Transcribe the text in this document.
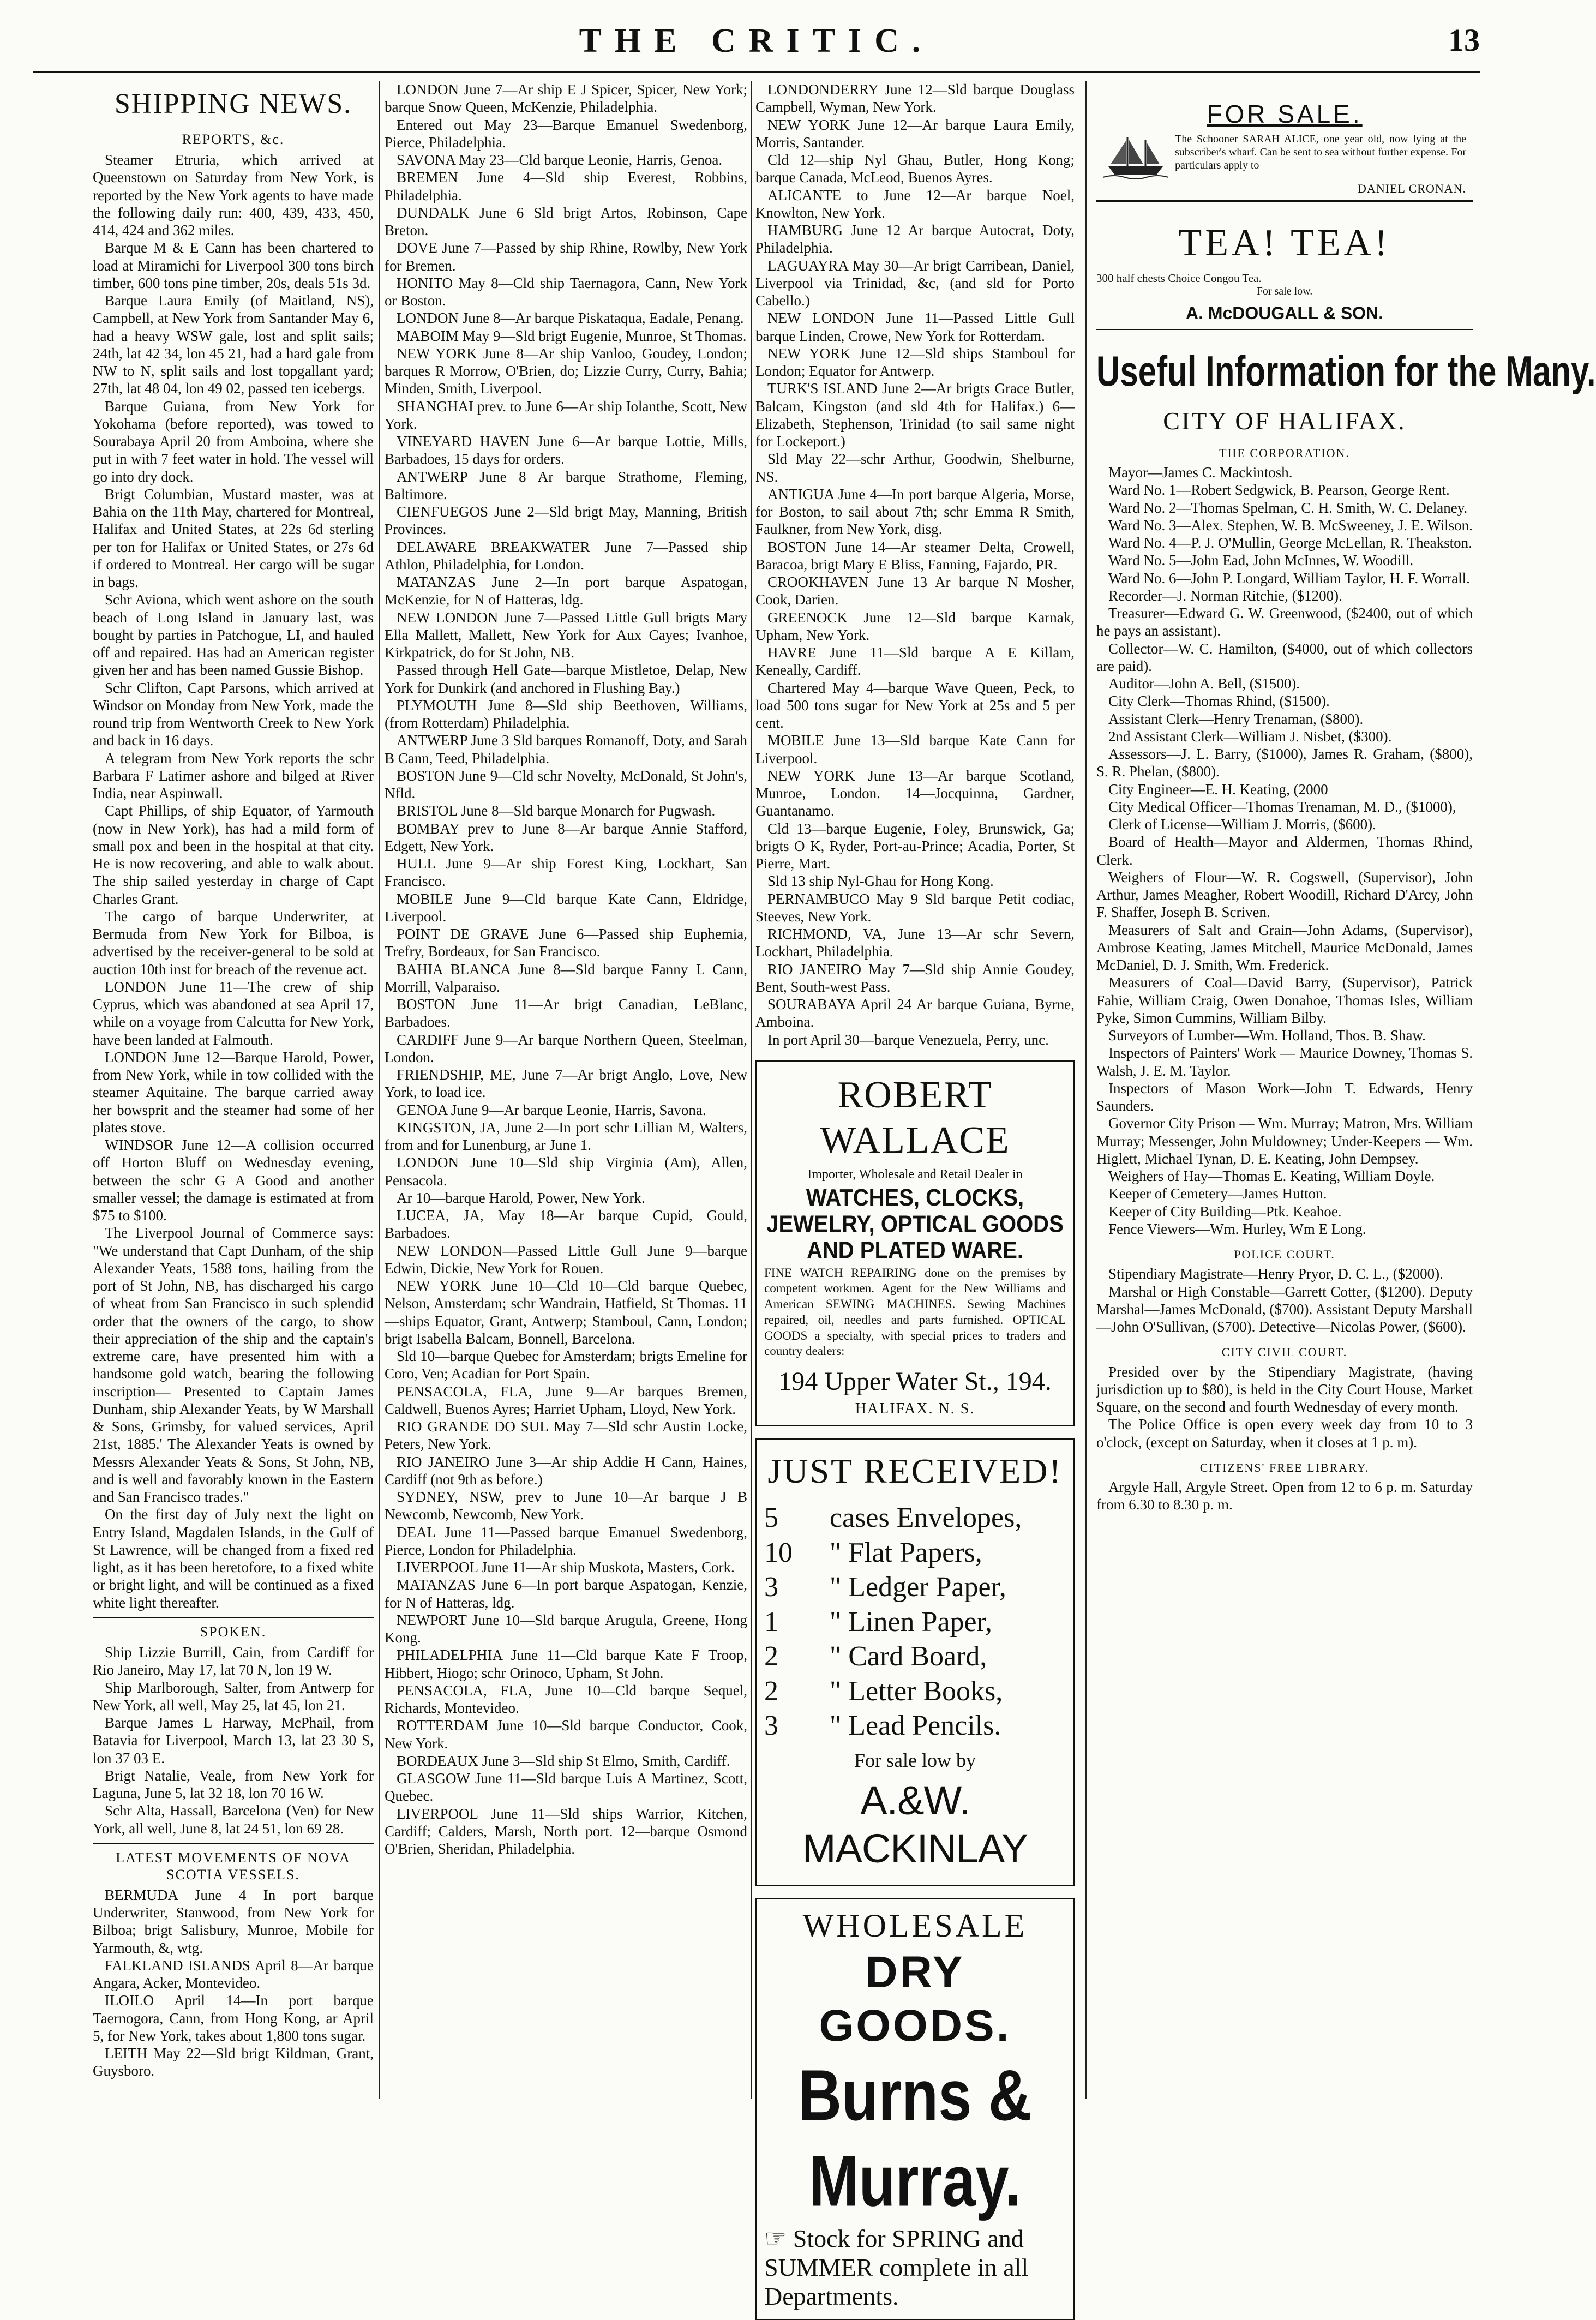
THE CRITIC.	13
SHIPPING NEWS.
REPORTS, &c.

Steamer Etruria, which arrived at Queenstown on Saturday from New York, is reported by the New York agents to have made the following daily run: 400, 439, 433, 450, 414, 424 and 362 miles.

Barque M & E Cann has been chartered to load at Miramichi for Liverpool 300 tons birch timber, 600 tons pine timber, 20s, deals 51s 3d.

Barque Laura Emily (of Maitland, NS), Campbell, at New York from Santander May 6, had a heavy WSW gale, lost and split sails; 24th, lat 42 34, lon 45 21, had a hard gale from NW to N, split sails and lost topgallant yard; 27th, lat 48 04, lon 49 02, passed ten icebergs.

Barque Guiana, from New York for Yokohama (before reported), was towed to Sourabaya April 20 from Amboina, where she put in with 7 feet water in hold. The vessel will go into dry dock.

Brigt Columbian, Mustard master, was at Bahia on the 11th May, chartered for Montreal, Halifax and United States, at 22s 6d sterling per ton for Halifax or United States, or 27s 6d if ordered to Montreal. Her cargo will be sugar in bags.

Schr Aviona, which went ashore on the south beach of Long Island in January last, was bought by parties in Patchogue, LI, and hauled off and repaired. Has had an American register given her and has been named Gussie Bishop.

Schr Clifton, Capt Parsons, which arrived at Windsor on Monday from New York, made the round trip from Wentworth Creek to New York and back in 16 days.

A telegram from New York reports the schr Barbara F Latimer ashore and bilged at River India, near Aspinwall.

Capt Phillips, of ship Equator, of Yarmouth (now in New York), has had a mild form of small pox and been in the hospital at that city. He is now recovering, and able to walk about. The ship sailed yesterday in charge of Capt Charles Grant.

The cargo of barque Underwriter, at Bermuda from New York for Bilboa, is advertised by the receiver-general to be sold at auction 10th inst for breach of the revenue act.

LONDON June 11—The crew of ship Cyprus, which was abandoned at sea April 17, while on a voyage from Calcutta for New York, have been landed at Falmouth.

LONDON June 12—Barque Harold, Power, from New York, while in tow collided with the steamer Aquitaine. The barque carried away her bowsprit and the steamer had some of her plates stove.

WINDSOR June 12—A collision occurred off Horton Bluff on Wednesday evening, between the schr G A Good and another smaller vessel; the damage is estimated at from $75 to $100.

The Liverpool Journal of Commerce says: "We understand that Capt Dunham, of the ship Alexander Yeats, 1588 tons, hailing from the port of St John, NB, has discharged his cargo of wheat from San Francisco in such splendid order that the owners of the cargo, to show their appreciation of the ship and the captain's extreme care, have presented him with a handsome gold watch, bearing the following inscription— Presented to Captain James Dunham, ship Alexander Yeats, by W Marshall & Sons, Grimsby, for valued services, April 21st, 1885.' The Alexander Yeats is owned by Messrs Alexander Yeats & Sons, St John, NB, and is well and favorably known in the Eastern and San Francisco trades."

On the first day of July next the light on Entry Island, Magdalen Islands, in the Gulf of St Lawrence, will be changed from a fixed red light, as it has been heretofore, to a fixed white or bright light, and will be continued as a fixed white light thereafter.

SPOKEN.

Ship Lizzie Burrill, Cain, from Cardiff for Rio Janeiro, May 17, lat 70 N, lon 19 W.

Ship Marlborough, Salter, from Antwerp for New York, all well, May 25, lat 45, lon 21.

Barque James L Harway, McPhail, from Batavia for Liverpool, March 13, lat 23 30 S, lon 37 03 E.

Brigt Natalie, Veale, from New York for Laguna, June 5, lat 32 18, lon 70 16 W.

Schr Alta, Hassall, Barcelona (Ven) for New York, all well, June 8, lat 24 51, lon 69 28.

LATEST MOVEMENTS OF NOVA SCOTIA VESSELS.

BERMUDA June 4 In port barque Underwriter, Stanwood, from New York for Bilboa; brigt Salisbury, Munroe, Mobile for Yarmouth, &, wtg.

FALKLAND ISLANDS April 8—Ar barque Angara, Acker, Montevideo.

ILOILO April 14—In port barque Taernogora, Cann, from Hong Kong, ar April 5, for New York, takes about 1,800 tons sugar.

LEITH May 22—Sld brigt Kildman, Grant, Guysboro.

LONDON June 7—Ar ship E J Spicer, Spicer, New York; barque Snow Queen, McKenzie, Philadelphia.

Entered out May 23—Barque Emanuel Swedenborg, Pierce, Philadelphia.

SAVONA May 23—Cld barque Leonie, Harris, Genoa.

BREMEN June 4—Sld ship Everest, Robbins, Philadelphia.

DUNDALK June 6 Sld brigt Artos, Robinson, Cape Breton.

DOVE June 7—Passed by ship Rhine, Rowlby, New York for Bremen.

HONITO May 8—Cld ship Taernagora, Cann, New York or Boston.

LONDON June 8—Ar barque Piskataqua, Eadale, Penang.

MABOIM May 9—Sld brigt Eugenie, Munroe, St Thomas.

NEW YORK June 8—Ar ship Vanloo, Goudey, London; barques R Morrow, O'Brien, do; Lizzie Curry, Curry, Bahia; Minden, Smith, Liverpool.

SHANGHAI prev. to June 6—Ar ship Iolanthe, Scott, New York.

VINEYARD HAVEN June 6—Ar barque Lottie, Mills, Barbadoes, 15 days for orders.

ANTWERP June 8 Ar barque Strathome, Fleming, Baltimore.

CIENFUEGOS June 2—Sld brigt May, Manning, British Provinces.

DELAWARE BREAKWATER June 7—Passed ship Athlon, Philadelphia, for London.

MATANZAS June 2—In port barque Aspatogan, McKenzie, for N of Hatteras, ldg.

NEW LONDON June 7—Passed Little Gull brigts Mary Ella Mallett, Mallett, New York for Aux Cayes; Ivanhoe, Kirkpatrick, do for St John, NB.

Passed through Hell Gate—barque Mistletoe, Delap, New York for Dunkirk (and anchored in Flushing Bay.)

PLYMOUTH June 8—Sld ship Beethoven, Williams, (from Rotterdam) Philadelphia.

ANTWERP June 3 Sld barques Romanoff, Doty, and Sarah B Cann, Teed, Philadelphia.

BOSTON June 9—Cld schr Novelty, McDonald, St John's, Nfld.

BRISTOL June 8—Sld barque Monarch for Pugwash.

BOMBAY prev to June 8—Ar barque Annie Stafford, Edgett, New York.

HULL June 9—Ar ship Forest King, Lockhart, San Francisco.

MOBILE June 9—Cld barque Kate Cann, Eldridge, Liverpool.

POINT DE GRAVE June 6—Passed ship Euphemia, Trefry, Bordeaux, for San Francisco.

BAHIA BLANCA June 8—Sld barque Fanny L Cann, Morrill, Valparaiso.

BOSTON June 11—Ar brigt Canadian, LeBlanc, Barbadoes.

CARDIFF June 9—Ar barque Northern Queen, Steelman, London.

FRIENDSHIP, ME, June 7—Ar brigt Anglo, Love, New York, to load ice.

GENOA June 9—Ar barque Leonie, Harris, Savona.

KINGSTON, JA, June 2—In port schr Lillian M, Walters, from and for Lunenburg, ar June 1.

LONDON June 10—Sld ship Virginia (Am), Allen, Pensacola.

Ar 10—barque Harold, Power, New York.

LUCEA, JA, May 18—Ar barque Cupid, Gould, Barbadoes.

NEW LONDON—Passed Little Gull June 9—barque Edwin, Dickie, New York for Rouen.

NEW YORK June 10—Cld 10—Cld barque Quebec, Nelson, Amsterdam; schr Wandrain, Hatfield, St Thomas. 11—ships Equator, Grant, Antwerp; Stamboul, Cann, London; brigt Isabella Balcam, Bonnell, Barcelona.

Sld 10—barque Quebec for Amsterdam; brigts Emeline for Coro, Ven; Acadian for Port Spain.

PENSACOLA, FLA, June 9—Ar barques Bremen, Caldwell, Buenos Ayres; Harriet Upham, Lloyd, New York.

RIO GRANDE DO SUL May 7—Sld schr Austin Locke, Peters, New York.

RIO JANEIRO June 3—Ar ship Addie H Cann, Haines, Cardiff (not 9th as before.)

SYDNEY, NSW, prev to June 10—Ar barque J B Newcomb, Newcomb, New York.

DEAL June 11—Passed barque Emanuel Swedenborg, Pierce, London for Philadelphia.

LIVERPOOL June 11—Ar ship Muskota, Masters, Cork.

MATANZAS June 6—In port barque Aspatogan, Kenzie, for N of Hatteras, ldg.

NEWPORT June 10—Sld barque Arugula, Greene, Hong Kong.

PHILADELPHIA June 11—Cld barque Kate F Troop, Hibbert, Hiogo; schr Orinoco, Upham, St John.

PENSACOLA, FLA, June 10—Cld barque Sequel, Richards, Montevideo.

ROTTERDAM June 10—Sld barque Conductor, Cook, New York.

BORDEAUX June 3—Sld ship St Elmo, Smith, Cardiff.

GLASGOW June 11—Sld barque Luis A Martinez, Scott, Quebec.

LIVERPOOL June 11—Sld ships Warrior, Kitchen, Cardiff; Calders, Marsh, North port. 12—barque Osmond O'Brien, Sheridan, Philadelphia.

LONDONDERRY June 12—Sld barque Douglass Campbell, Wyman, New York.

NEW YORK June 12—Ar barque Laura Emily, Morris, Santander.

Cld 12—ship Nyl Ghau, Butler, Hong Kong; barque Canada, McLeod, Buenos Ayres.

ALICANTE to June 12—Ar barque Noel, Knowlton, New York.

HAMBURG June 12 Ar barque Autocrat, Doty, Philadelphia.

LAGUAYRA May 30—Ar brigt Carribean, Daniel, Liverpool via Trinidad, &c, (and sld for Porto Cabello.)

NEW LONDON June 11—Passed Little Gull barque Linden, Crowe, New York for Rotterdam.

NEW YORK June 12—Sld ships Stamboul for London; Equator for Antwerp.

TURK'S ISLAND June 2—Ar brigts Grace Butler, Balcam, Kingston (and sld 4th for Halifax.) 6—Elizabeth, Stephenson, Trinidad (to sail same night for Lockeport.)

Sld May 22—schr Arthur, Goodwin, Shelburne, NS.

ANTIGUA June 4—In port barque Algeria, Morse, for Boston, to sail about 7th; schr Emma R Smith, Faulkner, from New York, disg.

BOSTON June 14—Ar steamer Delta, Crowell, Baracoa, brigt Mary E Bliss, Fanning, Fajardo, PR.

CROOKHAVEN June 13 Ar barque N Mosher, Cook, Darien.

GREENOCK June 12—Sld barque Karnak, Upham, New York.

HAVRE June 11—Sld barque A E Killam, Keneally, Cardiff.

Chartered May 4—barque Wave Queen, Peck, to load 500 tons sugar for New York at 25s and 5 per cent.

MOBILE June 13—Sld barque Kate Cann for Liverpool.

NEW YORK June 13—Ar barque Scotland, Munroe, London. 14—Jocquinna, Gardner, Guantanamo.

Cld 13—barque Eugenie, Foley, Brunswick, Ga; brigts O K, Ryder, Port-au-Prince; Acadia, Porter, St Pierre, Mart.

Sld 13 ship Nyl-Ghau for Hong Kong.

PERNAMBUCO May 9 Sld barque Petit codiac, Steeves, New York.

RICHMOND, VA, June 13—Ar schr Severn, Lockhart, Philadelphia.

RIO JANEIRO May 7—Sld ship Annie Goudey, Bent, South-west Pass.

SOURABAYA April 24 Ar barque Guiana, Byrne, Amboina.

In port April 30—barque Venezuela, Perry, unc.

ROBERT WALLACE
Importer, Wholesale and Retail Dealer in
WATCHES, CLOCKS, JEWELRY, OPTICAL GOODS AND PLATED WARE.
FINE WATCH REPAIRING done on the premises by competent workmen. Agent for the New Williams and American SEWING MACHINES. Sewing Machines repaired, oil, needles and parts furnished. OPTICAL GOODS a specialty, with special prices to traders and country dealers:
194 Upper Water St., 194.
HALIFAX. N. S.
JUST RECEIVED!
5 cases Envelopes,
10 " Flat Papers,
3 " Ledger Paper,
1 " Linen Paper,
2 " Card Board,
2 " Letter Books,
3 " Lead Pencils.
For sale low by
A.&W. MACKINLAY
WHOLESALE
DRY GOODS.
Burns & Murray.
☞ Stock for SPRING and SUMMER complete in all Departments.
FOR SALE.
The Schooner SARAH ALICE, one year old, now lying at the subscriber's wharf. Can be sent to sea without further expense. For particulars apply to
DANIEL CRONAN.
TEA! TEA!
300 half chests Choice Congou Tea.
For sale low.
A. McDOUGALL & SON.
Useful Information for the Many.
CITY OF HALIFAX.
THE CORPORATION.

Mayor—James C. Mackintosh.

Ward No. 1—Robert Sedgwick, B. Pearson, George Rent.

Ward No. 2—Thomas Spelman, C. H. Smith, W. C. Delaney.

Ward No. 3—Alex. Stephen, W. B. McSweeney, J. E. Wilson.

Ward No. 4—P. J. O'Mullin, George McLellan, R. Theakston.

Ward No. 5—John Ead, John McInnes, W. Woodill.

Ward No. 6—John P. Longard, William Taylor, H. F. Worrall.

Recorder—J. Norman Ritchie, ($1200).

Treasurer—Edward G. W. Greenwood, ($2400, out of which he pays an assistant).

Collector—W. C. Hamilton, ($4000, out of which collectors are paid).

Auditor—John A. Bell, ($1500).

City Clerk—Thomas Rhind, ($1500).

Assistant Clerk—Henry Trenaman, ($800).

2nd Assistant Clerk—William J. Nisbet, ($300).

Assessors—J. L. Barry, ($1000), James R. Graham, ($800), S. R. Phelan, ($800).

City Engineer—E. H. Keating, (2000

City Medical Officer—Thomas Trenaman, M. D., ($1000),

Clerk of License—William J. Morris, ($600).

Board of Health—Mayor and Aldermen, Thomas Rhind, Clerk.

Weighers of Flour—W. R. Cogswell, (Supervisor), John Arthur, James Meagher, Robert Woodill, Richard D'Arcy, John F. Shaffer, Joseph B. Scriven.

Measurers of Salt and Grain—John Adams, (Supervisor), Ambrose Keating, James Mitchell, Maurice McDonald, James McDaniel, D. J. Smith, Wm. Frederick.

Measurers of Coal—David Barry, (Supervisor), Patrick Fahie, William Craig, Owen Donahoe, Thomas Isles, William Pyke, Simon Cummins, William Bilby.

Surveyors of Lumber—Wm. Holland, Thos. B. Shaw.

Inspectors of Painters' Work — Maurice Downey, Thomas S. Walsh, J. E. M. Taylor.

Inspectors of Mason Work—John T. Edwards, Henry Saunders.

Governor City Prison — Wm. Murray; Matron, Mrs. William Murray; Messenger, John Muldowney; Under-Keepers — Wm. Higlett, Michael Tynan, D. E. Keating, John Dempsey.

Weighers of Hay—Thomas E. Keating, William Doyle.

Keeper of Cemetery—James Hutton.

Keeper of City Building—Ptk. Keahoe.

Fence Viewers—Wm. Hurley, Wm E Long.

POLICE COURT.

Stipendiary Magistrate—Henry Pryor, D. C. L., ($2000).

Marshal or High Constable—Garrett Cotter, ($1200). Deputy Marshal—James McDonald, ($700). Assistant Deputy Marshall—John O'Sullivan, ($700). Detective—Nicolas Power, ($600).

CITY CIVIL COURT.

Presided over by the Stipendiary Magistrate, (having jurisdiction up to $80), is held in the City Court House, Market Square, on the second and fourth Wednesday of every month.

The Police Office is open every week day from 10 to 3 o'clock, (except on Saturday, when it closes at 1 p. m).

CITIZENS' FREE LIBRARY.

Argyle Hall, Argyle Street. Open from 12 to 6 p. m. Saturday from 6.30 to 8.30 p. m.
